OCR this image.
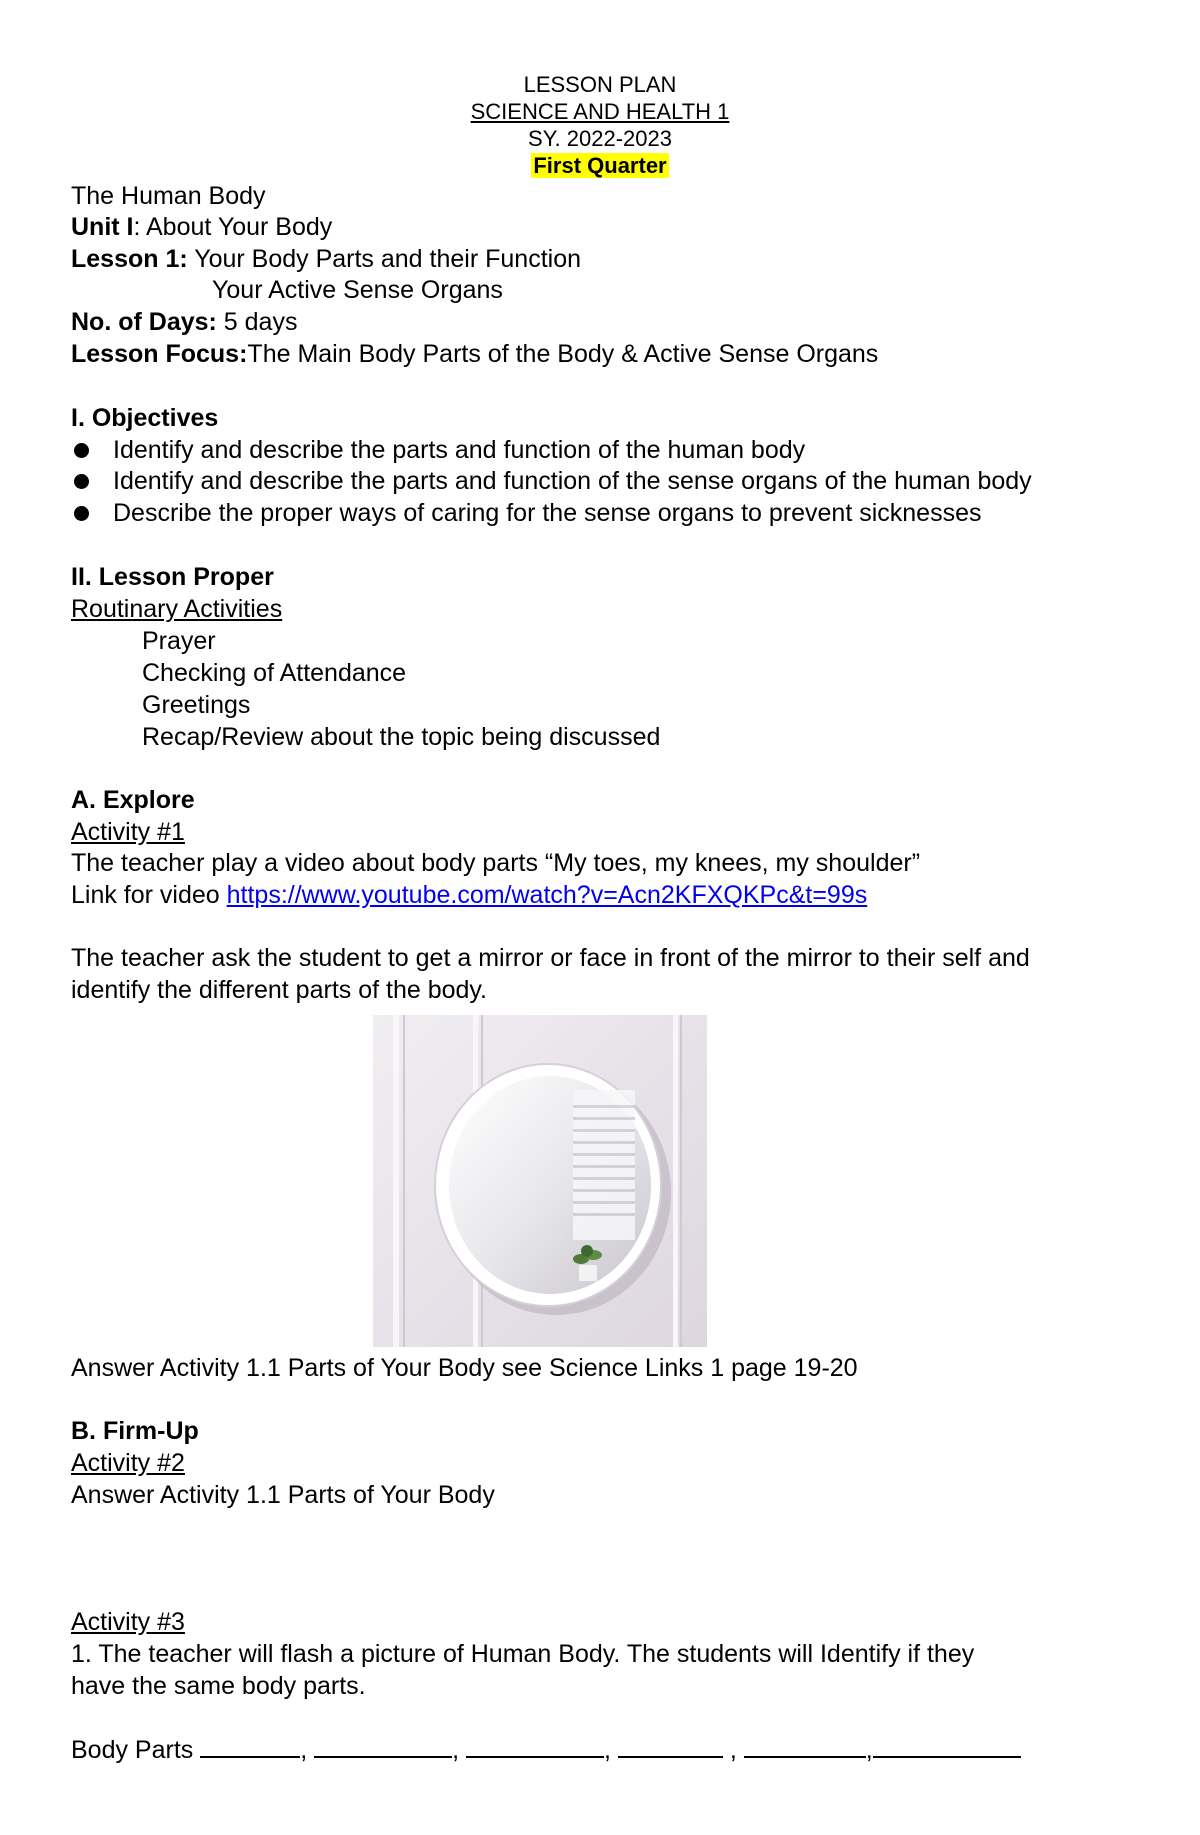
LESSON PLAN
SCIENCE AND HEALTH 1
SY. 2022-2023
First Quarter
The Human Body
Unit I: About Your Body
Lesson 1: Your Body Parts and their Function
Your Active Sense Organs
No. of Days: 5 days
Lesson Focus:The Main Body Parts of the Body & Active Sense Organs
I. Objectives
Identify and describe the parts and function of the human body
Identify and describe the parts and function of the sense organs of the human body
Describe the proper ways of caring for the sense organs to prevent sicknesses
II. Lesson Proper
Routinary Activities
Prayer
Checking of Attendance
Greetings
Recap/Review about the topic being discussed
A. Explore
Activity #1
The teacher play a video about body parts “My toes, my knees, my shoulder”
Link for video https://www.youtube.com/watch?v=Acn2KFXQKPc&t=99s
The teacher ask the student to get a mirror or face in front of the mirror to their self and
identify the different parts of the body.
Answer Activity 1.1 Parts of Your Body see Science Links 1 page 19-20
B. Firm-Up
Activity #2
Answer Activity 1.1 Parts of Your Body
Activity #3
1. The teacher will flash a picture of Human Body. The students will Identify if they
have the same body parts.
Body Parts	,	,	,	,	,
